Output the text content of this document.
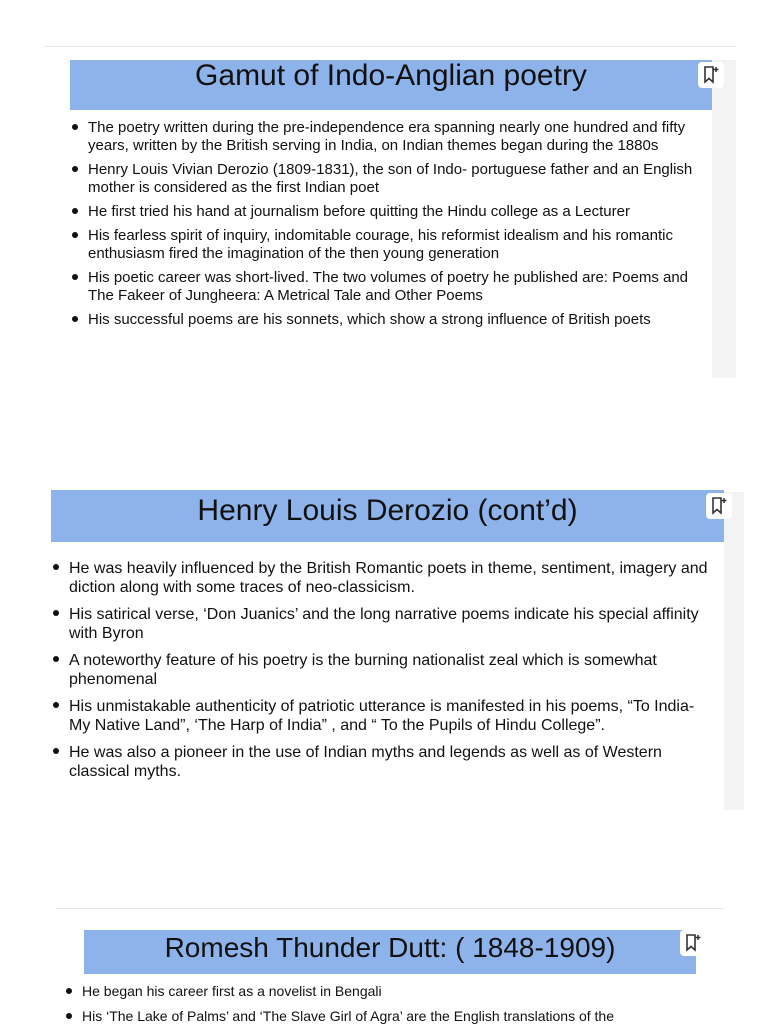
Gamut of Indo-Anglian poetry
The poetry written during the pre-independence era spanning nearly one hundred and fifty years, written by the British serving in India, on Indian themes began during the 1880s
Henry Louis Vivian Derozio (1809-1831), the son of Indo- portuguese father and an English mother is considered as the first Indian poet
He first tried his hand at journalism before quitting the Hindu college as a Lecturer
His fearless spirit of inquiry, indomitable courage, his reformist idealism and his romantic enthusiasm fired the imagination of the then young generation
His poetic career was short-lived. The two volumes of poetry he published are: Poems and The Fakeer of Jungheera: A Metrical Tale and Other Poems
His successful poems are his sonnets, which show a strong influence of British poets
Henry Louis Derozio (cont’d)
He was heavily influenced by the British Romantic poets in theme, sentiment, imagery and diction along with some traces of neo-classicism.
His satirical verse, ‘Don Juanics’ and the long narrative poems indicate his special affinity with Byron
A noteworthy feature of his poetry is the burning nationalist zeal which is somewhat phenomenal
His unmistakable authenticity of patriotic utterance is manifested in his poems, “To India- My Native Land”, ‘The Harp of India” , and “ To the Pupils of Hindu College”.
He was also a pioneer in the use of Indian myths and legends as well as of Western classical myths.
Romesh Thunder Dutt: ( 1848-1909)
He began his career first as a novelist in Bengali
His ‘The Lake of Palms’ and ‘The Slave Girl of Agra’ are the English translations of the
